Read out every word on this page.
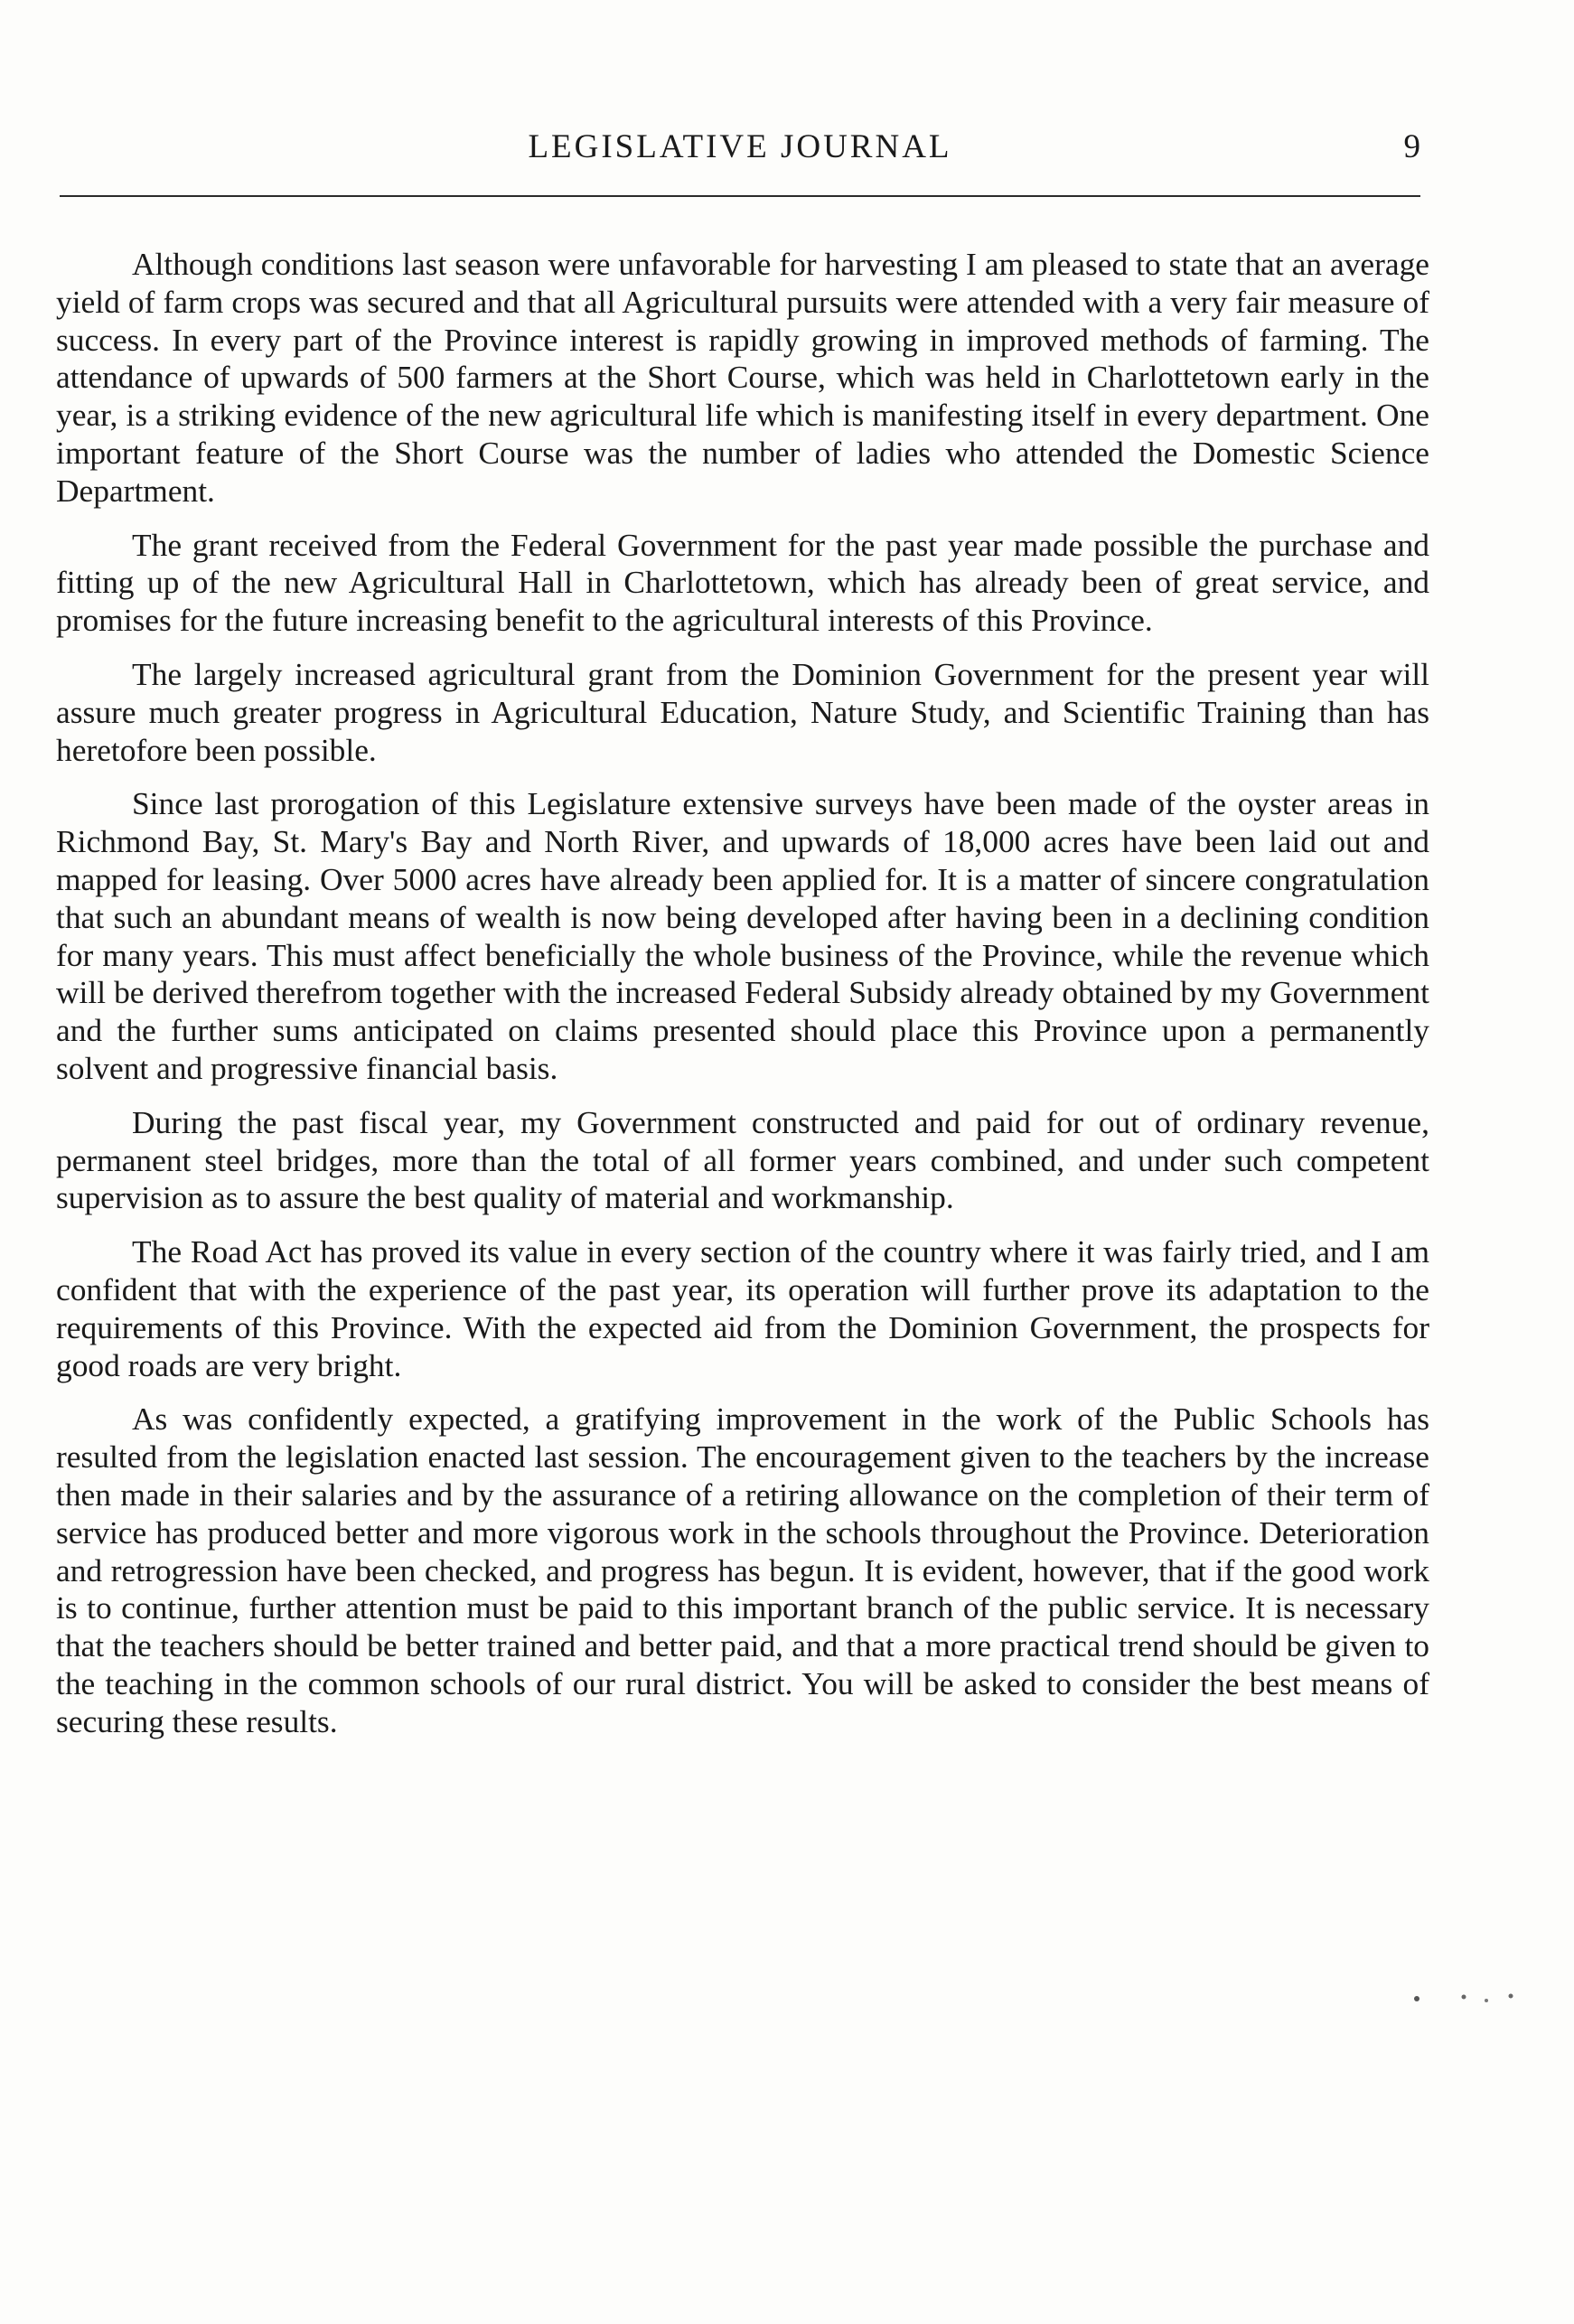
LEGISLATIVE JOURNAL	9

Although conditions last season were unfavorable for harvesting I am pleased to state that an average yield of farm crops was secured and that all Agricultural pursuits were attended with a very fair measure of success. In every part of the Province interest is rapidly growing in improved methods of farming. The attendance of upwards of 500 farmers at the Short Course, which was held in Charlottetown early in the year, is a striking evidence of the new agricultural life which is manifesting itself in every department. One important feature of the Short Course was the number of ladies who attended the Domestic Science Department.

The grant received from the Federal Government for the past year made possible the purchase and fitting up of the new Agricultural Hall in Charlottetown, which has already been of great service, and promises for the future increasing benefit to the agricultural interests of this Province.

The largely increased agricultural grant from the Dominion Government for the present year will assure much greater progress in Agricultural Education, Nature Study, and Scientific Training than has heretofore been possible.

Since last prorogation of this Legislature extensive surveys have been made of the oyster areas in Richmond Bay, St. Mary's Bay and North River, and upwards of 18,000 acres have been laid out and mapped for leasing. Over 5000 acres have already been applied for. It is a matter of sincere congratulation that such an abundant means of wealth is now being developed after having been in a declining condition for many years. This must affect beneficially the whole business of the Province, while the revenue which will be derived therefrom together with the increased Federal Subsidy already obtained by my Government and the further sums anticipated on claims presented should place this Province upon a permanently solvent and progressive financial basis.

During the past fiscal year, my Government constructed and paid for out of ordinary revenue, permanent steel bridges, more than the total of all former years combined, and under such competent supervision as to assure the best quality of material and workmanship.

The Road Act has proved its value in every section of the country where it was fairly tried, and I am confident that with the experience of the past year, its operation will further prove its adaptation to the requirements of this Province. With the expected aid from the Dominion Government, the prospects for good roads are very bright.

As was confidently expected, a gratifying improvement in the work of the Public Schools has resulted from the legislation enacted last session. The encouragement given to the teachers by the increase then made in their salaries and by the assurance of a retiring allowance on the completion of their term of service has produced better and more vigorous work in the schools throughout the Province. Deterioration and retrogression have been checked, and progress has begun. It is evident, however, that if the good work is to continue, further attention must be paid to this important branch of the public service. It is necessary that the teachers should be better trained and better paid, and that a more practical trend should be given to the teaching in the common schools of our rural district. You will be asked to consider the best means of securing these results.
